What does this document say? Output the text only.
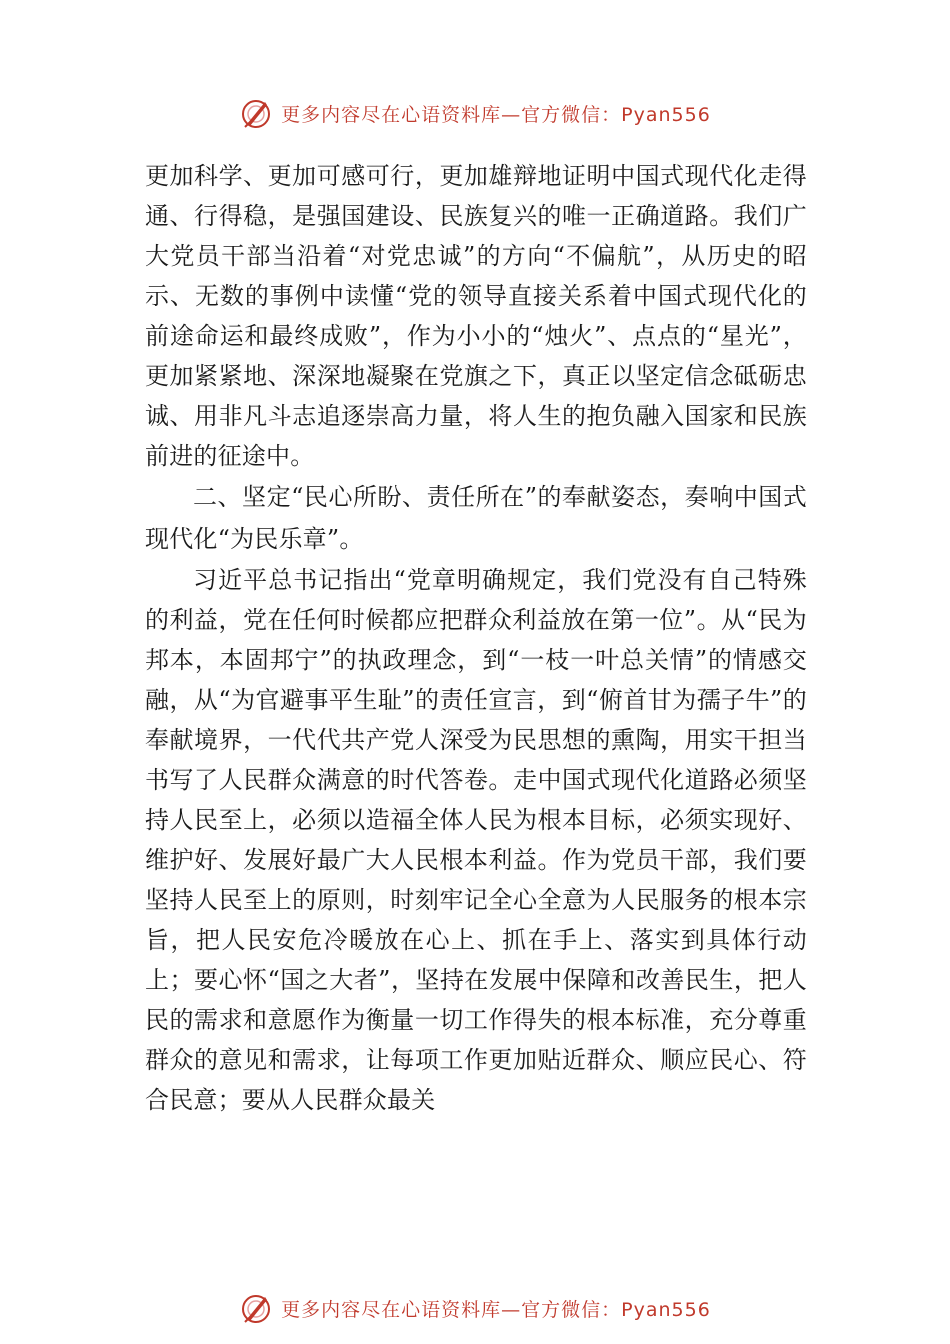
更多内容尽在心语资料库—官方微信：Pyan556

更加科学、更加可感可行，更加雄辩地证明中国式现代化走得通、行得稳，是强国建设、民族复兴的唯一正确道路。我们广大党员干部当沿着“对党忠诚”的方向“不偏航”，从历史的昭示、无数的事例中读懂“党的领导直接关系着中国式现代化的前途命运和最终成败”，作为小小的“烛火”、点点的“星光”，更加紧紧地、深深地凝聚在党旗之下，真正以坚定信念砥砺忠诚、用非凡斗志追逐崇高力量，将人生的抱负融入国家和民族前进的征途中。

二、坚定“民心所盼、责任所在”的奉献姿态，奏响中国式现代化“为民乐章”。

习近平总书记指出“党章明确规定，我们党没有自己特殊的利益，党在任何时候都应把群众利益放在第一位”。从“民为邦本，本固邦宁”的执政理念，到“一枝一叶总关情”的情感交融，从“为官避事平生耻”的责任宣言，到“俯首甘为孺子牛”的奉献境界，一代代共产党人深受为民思想的熏陶，用实干担当书写了人民群众满意的时代答卷。走中国式现代化道路必须坚持人民至上，必须以造福全体人民为根本目标，必须实现好、维护好、发展好最广大人民根本利益。作为党员干部，我们要坚持人民至上的原则，时刻牢记全心全意为人民服务的根本宗旨，把人民安危冷暖放在心上、抓在手上、落实到具体行动上；要心怀“国之大者”，坚持在发展中保障和改善民生，把人民的需求和意愿作为衡量一切工作得失的根本标准，充分尊重群众的意见和需求，让每项工作更加贴近群众、顺应民心、符合民意；要从人民群众最关

更多内容尽在心语资料库—官方微信：Pyan556
